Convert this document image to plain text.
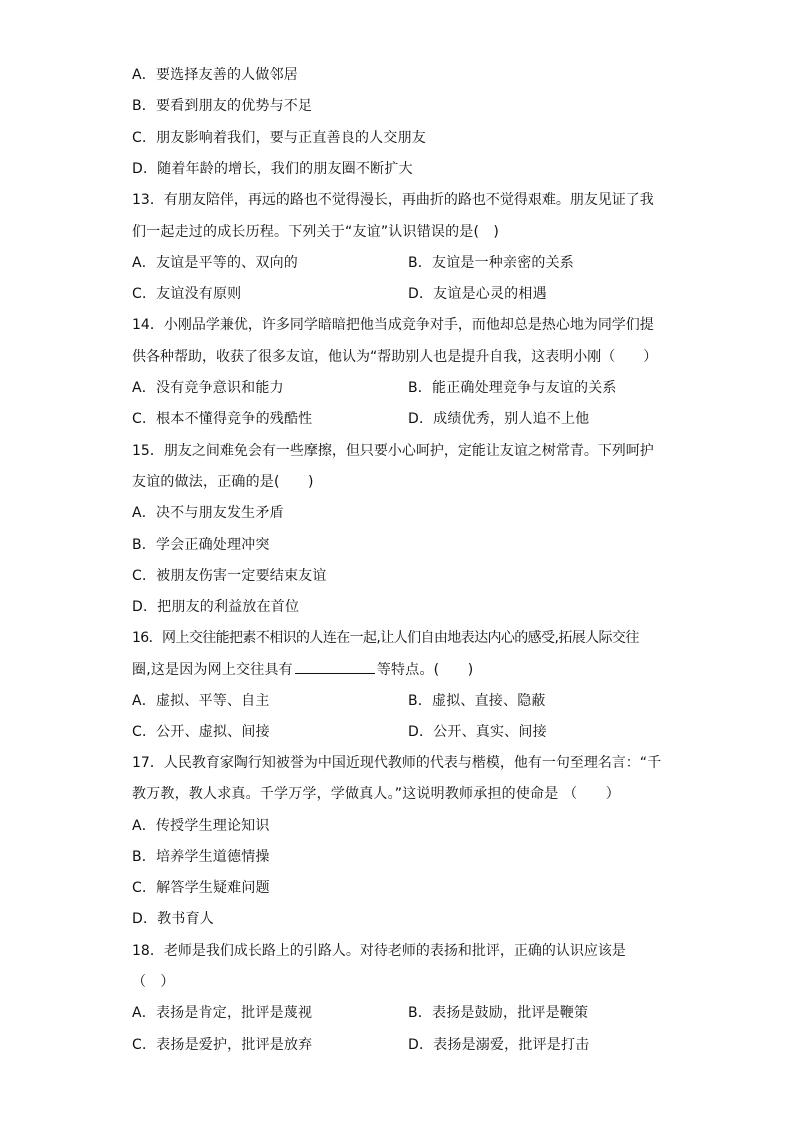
A．要选择友善的人做邻居
B．要看到朋友的优势与不足
C．朋友影响着我们，要与正直善良的人交朋友
D．随着年龄的增长，我们的朋友圈不断扩大
13．有朋友陪伴，再远的路也不觉得漫长，再曲折的路也不觉得艰难。朋友见证了我
们一起走过的成长历程。下列关于“友谊”认识错误的是(　)
A．友谊是平等的、双向的	B．友谊是一种亲密的关系
C．友谊没有原则	D．友谊是心灵的相遇
14．小刚品学兼优，许多同学暗暗把他当成竞争对手，而他却总是热心地为同学们提
供各种帮助，收获了很多友谊，他认为“帮助别人也是提升自我，这表明小刚（　　）
A．没有竞争意识和能力	B．能正确处理竞争与友谊的关系
C．根本不懂得竞争的残酷性	D．成绩优秀，别人追不上他
15．朋友之间难免会有一些摩擦，但只要小心呵护，定能让友谊之树常青。下列呵护
友谊的做法，正确的是(　　)
A．决不与朋友发生矛盾
B．学会正确处理冲突
C．被朋友伤害一定要结束友谊
D．把朋友的利益放在首位
16．网上交往能把素不相识的人连在一起,让人们自由地表达内心的感受,拓展人际交往
圈,这是因为网上交往具有	等特点。(　　)
A．虚拟、平等、自主	B．虚拟、直接、隐蔽
C．公开、虚拟、间接	D．公开、真实、间接
17．人民教育家陶行知被誉为中国近现代教师的代表与楷模，他有一句至理名言：“千
教万教，教人求真。千学万学，学做真人。”这说明教师承担的使命是 （　　）
A．传授学生理论知识
B．培养学生道德情操
C．解答学生疑难问题
D．教书育人
18．老师是我们成长路上的引路人。对待老师的表扬和批评，正确的认识应该是
（　）
A．表扬是肯定，批评是蔑视	B．表扬是鼓励，批评是鞭策
C．表扬是爱护，批评是放弃	D．表扬是溺爱，批评是打击
